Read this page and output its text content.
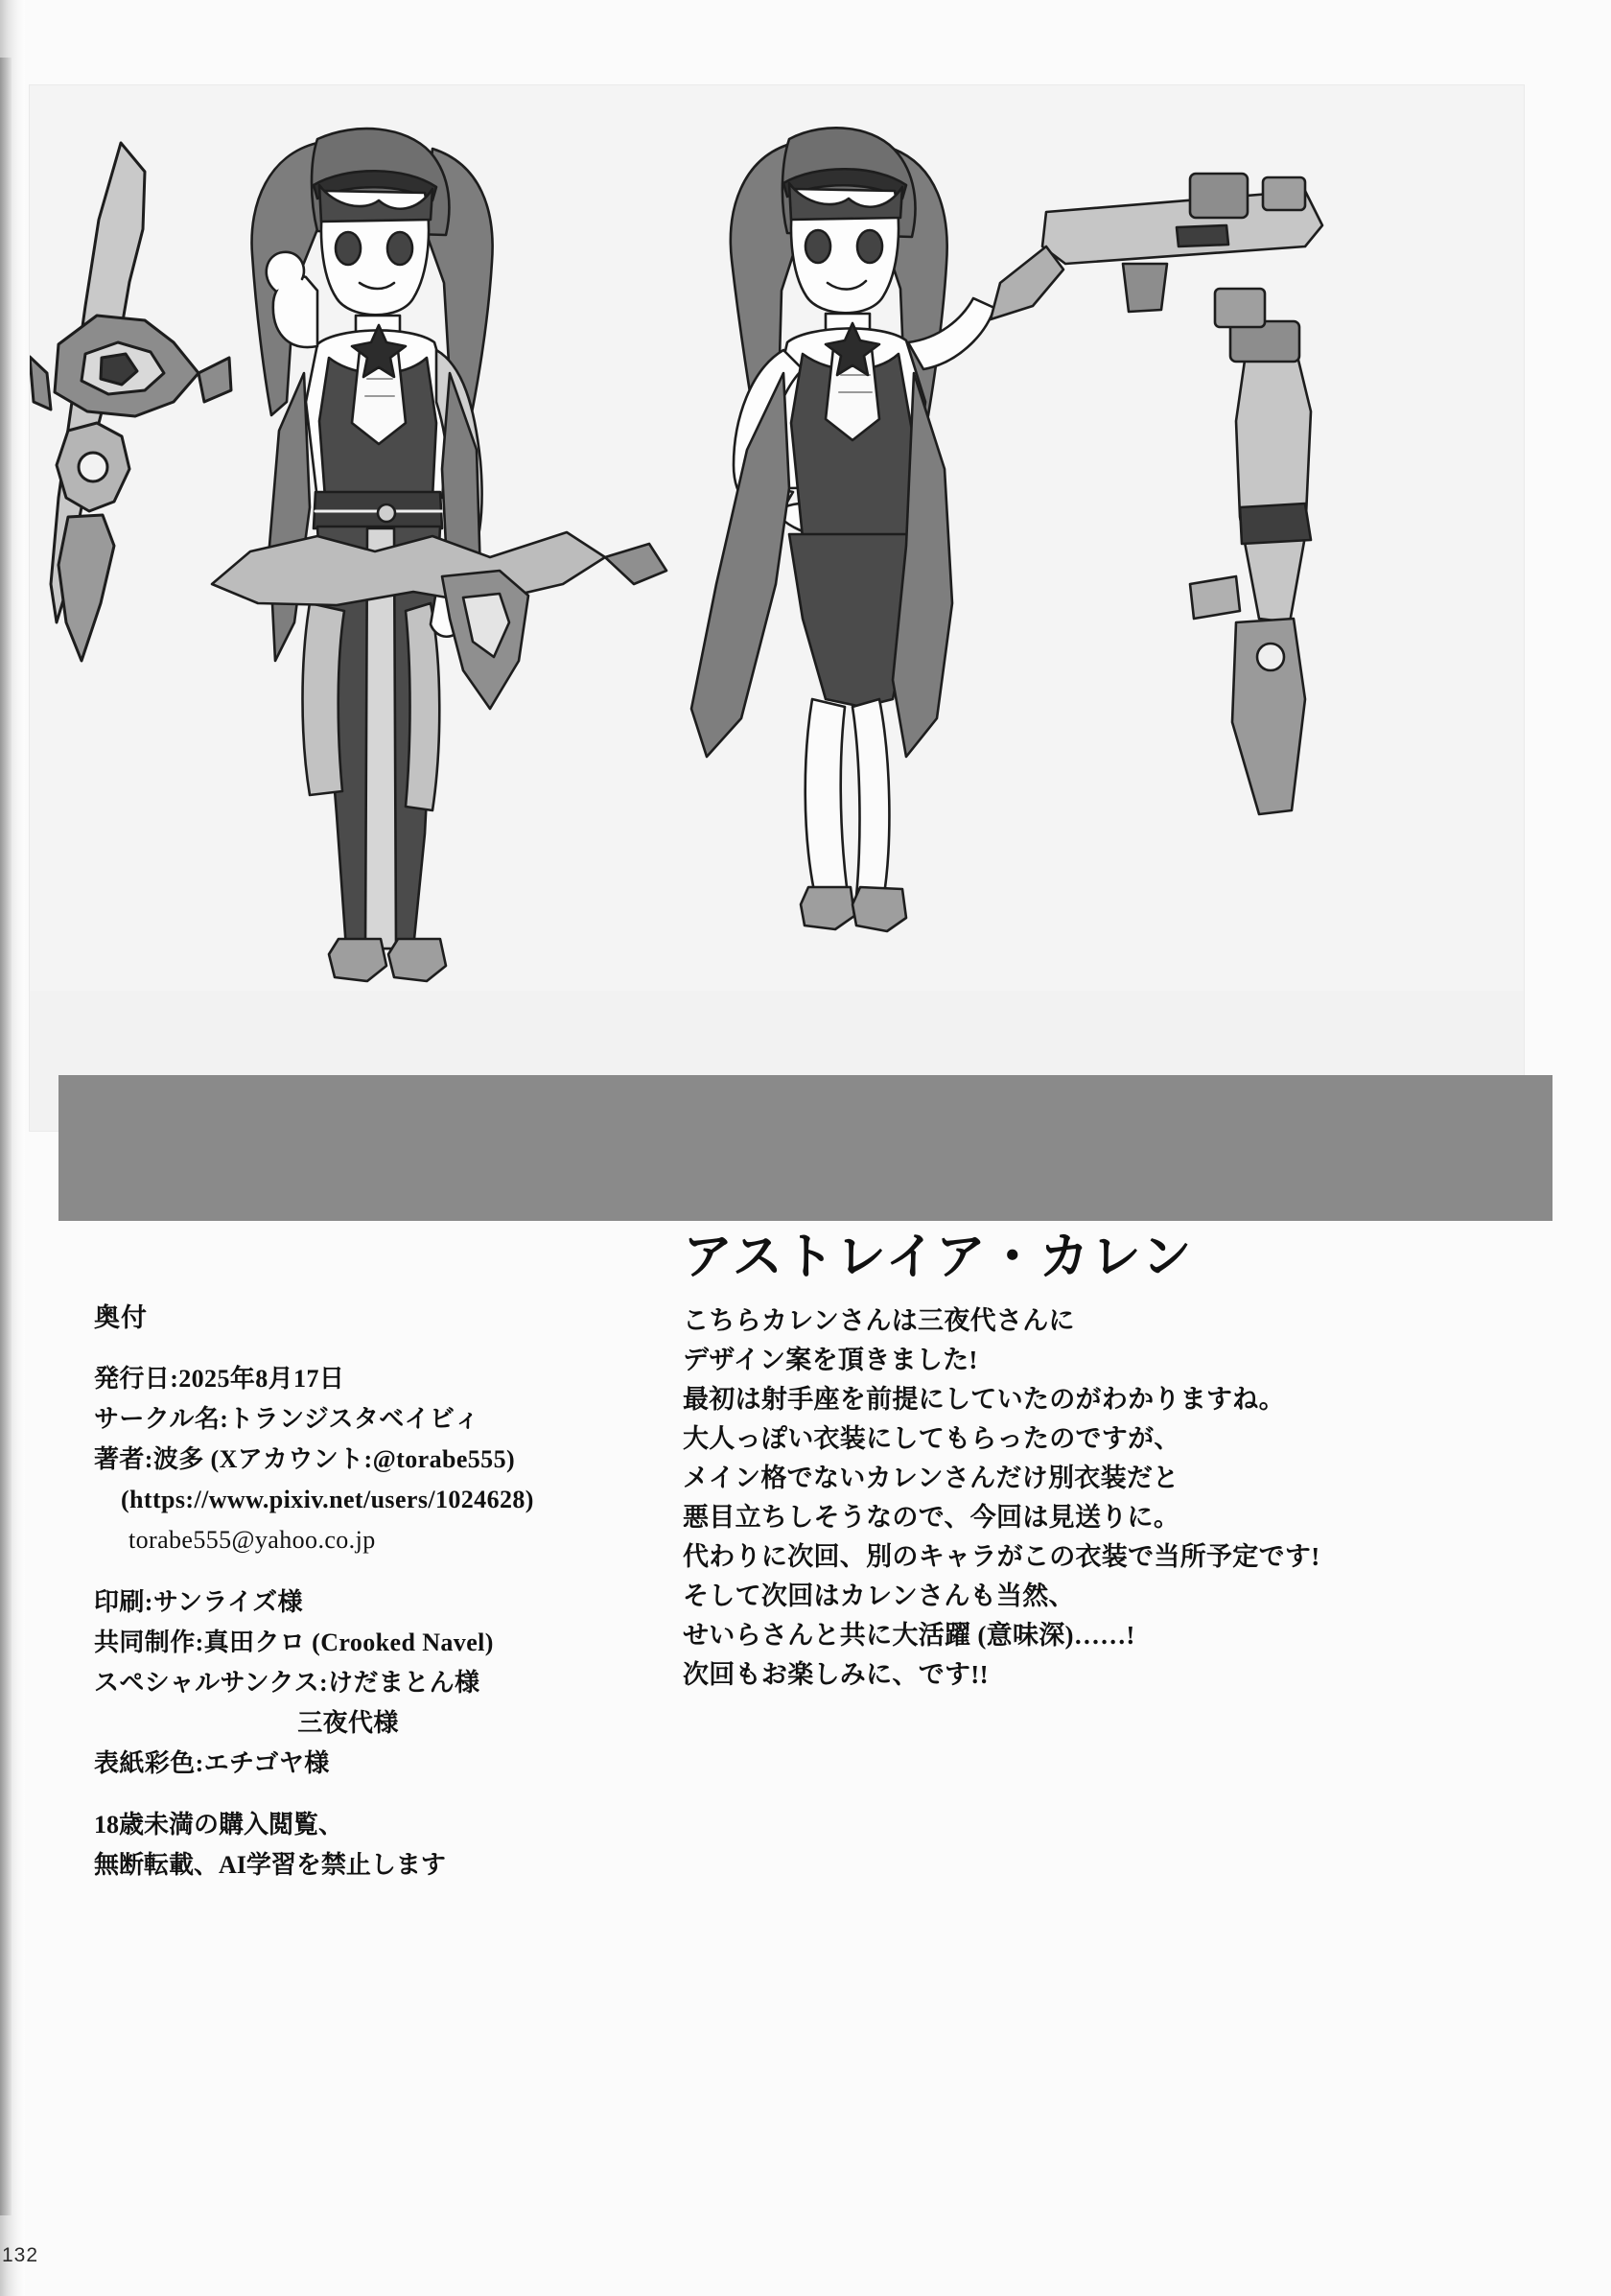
奥付
発行日:2025年8月17日
サークル名:トランジスタベイビィ
著者:波多 (Xアカウント:@torabe555)
(https://www.pixiv.net/users/1024628)
torabe555@yahoo.co.jp
印刷:サンライズ様
共同制作:真田クロ (Crooked Navel)
スペシャルサンクス:けだまとん様
三夜代様
表紙彩色:エチゴヤ様
18歳未満の購入閲覧、
無断転載、AI学習を禁止します
アストレイア・カレン

こちらカレンさんは三夜代さんに

デザイン案を頂きました!

最初は射手座を前提にしていたのがわかりますね。

大人っぽい衣装にしてもらったのですが、

メイン格でないカレンさんだけ別衣装だと

悪目立ちしそうなので、今回は見送りに。

代わりに次回、別のキャラがこの衣装で当所予定です!

そして次回はカレンさんも当然、

せいらさんと共に大活躍 (意味深)……!

次回もお楽しみに、です!!

132
